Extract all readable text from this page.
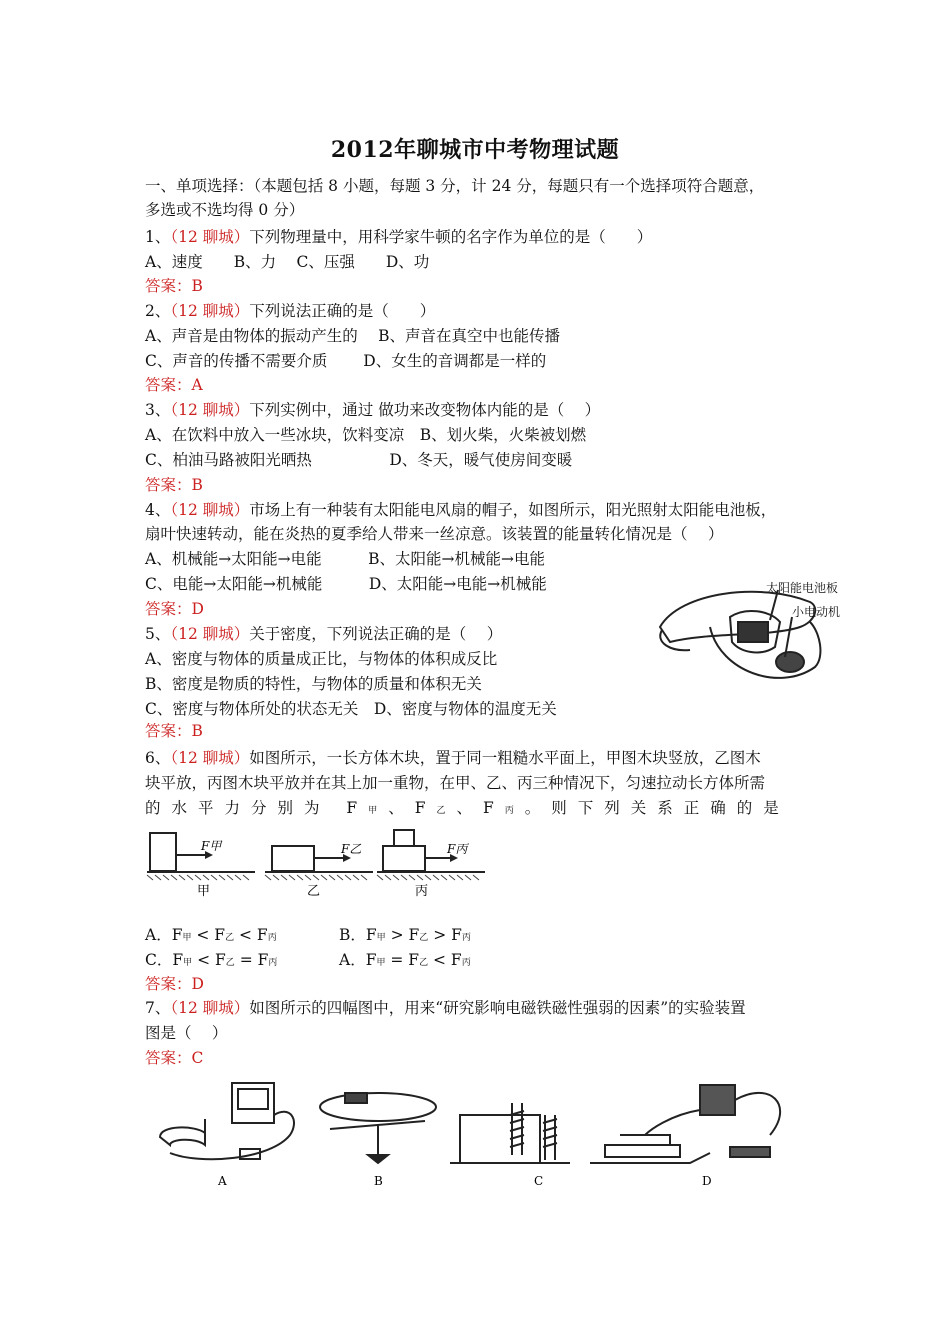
2012年聊城市中考物理试题
一、单项选择：（本题包括 8 小题，每题 3 分，计 24 分，每题只有一个选择项符合题意，
多选或不选均得 0 分）
1、（12 聊城）下列物理量中，用科学家牛顿的名字作为单位的是（　　）
A、速度　　B、力　 C、压强　　D、功
答案：B
2、（12 聊城）下列说法正确的是（　　）
A、声音是由物体的振动产生的　 B、声音在真空中也能传播
C、声音的传播不需要介质　　 D、女生的音调都是一样的
答案：A
3、（12 聊城）下列实例中，通过 做功来改变物体内能的是（　 ）
A、在饮料中放入一些冰块，饮料变凉　B、划火柴，火柴被划燃
C、柏油马路被阳光晒热　　　　　D、冬天，暖气使房间变暖
答案：B
4、（12 聊城）市场上有一种装有太阳能电风扇的帽子，如图所示，阳光照射太阳能电池板，
扇叶快速转动，能在炎热的夏季给人带来一丝凉意。该装置的能量转化情况是（　 ）
A、机械能→太阳能→电能　　　B、太阳能→机械能→电能
C、电能→太阳能→机械能　　　D、太阳能→电能→机械能
答案：D
太阳能电池板
小电动机
5、（12 聊城）关于密度，下列说法正确的是（　 ）
A、密度与物体的质量成正比，与物体的体积成反比
B、密度是物质的特性，与物体的质量和体积无关
C、密度与物体所处的状态无关　D、密度与物体的温度无关
答案：B
6、（12 聊城）如图所示，一长方体木块，置于同一粗糙水平面上，甲图木块竖放，乙图木
块平放，丙图木块平放并在其上加一重物，在甲、乙、丙三种情况下，匀速拉动长方体所需
的水平力分别为 F甲、F乙、F丙。则下列关系正确的是
F甲	F乙	F丙
甲	乙	丙
A．F甲 < F乙 < F丙	B．F甲 > F乙 > F丙
C．F甲 < F乙 = F丙	A．F甲 = F乙 < F丙
答案：D
7、（12 聊城）如图所示的四幅图中，用来“研究影响电磁铁磁性强弱的因素”的实验装置
图是（　 ）
答案：C
A	B	C	D
